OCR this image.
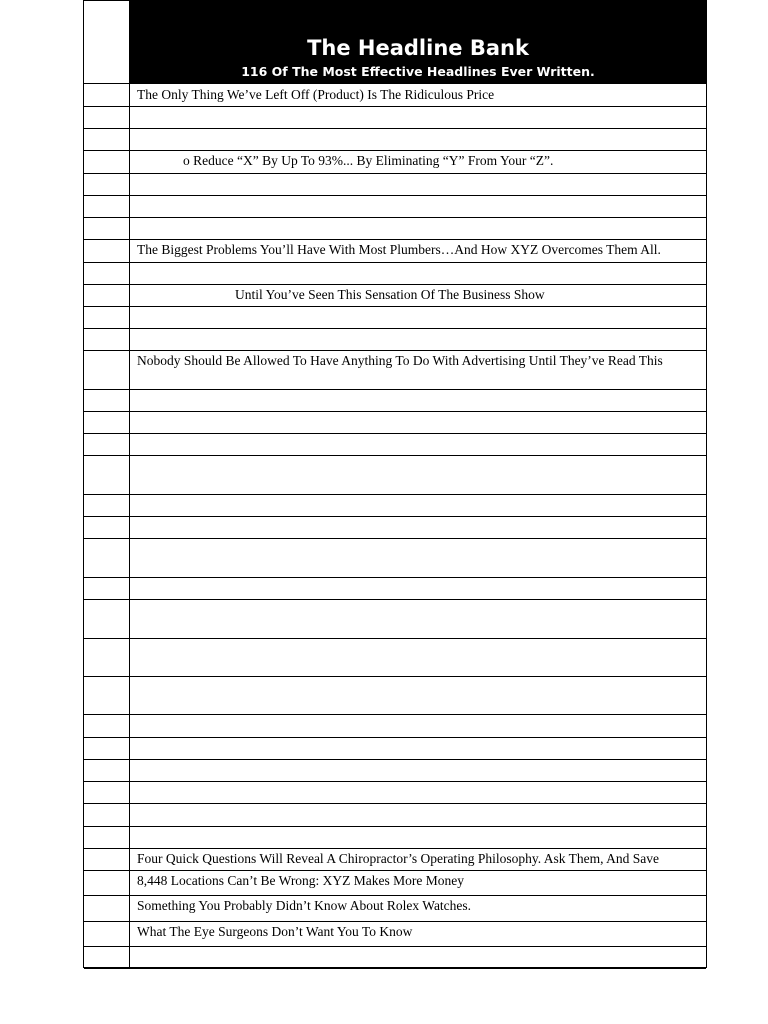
The Headline Bank
116 Of The Most Effective Headlines Ever Written.
The Only Thing We’ve Left Off (Product) Is The Ridiculous Price
o Reduce “X” By Up To 93%... By Eliminating “Y” From Your “Z”.
The Biggest Problems You’ll Have With Most Plumbers…And How XYZ Overcomes Them All.
Until You’ve Seen This Sensation Of The Business Show
Nobody Should Be Allowed To Have Anything To Do With Advertising Until They’ve Read This
Four Quick Questions Will Reveal A Chiropractor’s Operating Philosophy. Ask Them, And Save
8,448 Locations Can’t Be Wrong: XYZ Makes More Money
Something You Probably Didn’t Know About Rolex Watches.
What The Eye Surgeons Don’t Want You To Know
